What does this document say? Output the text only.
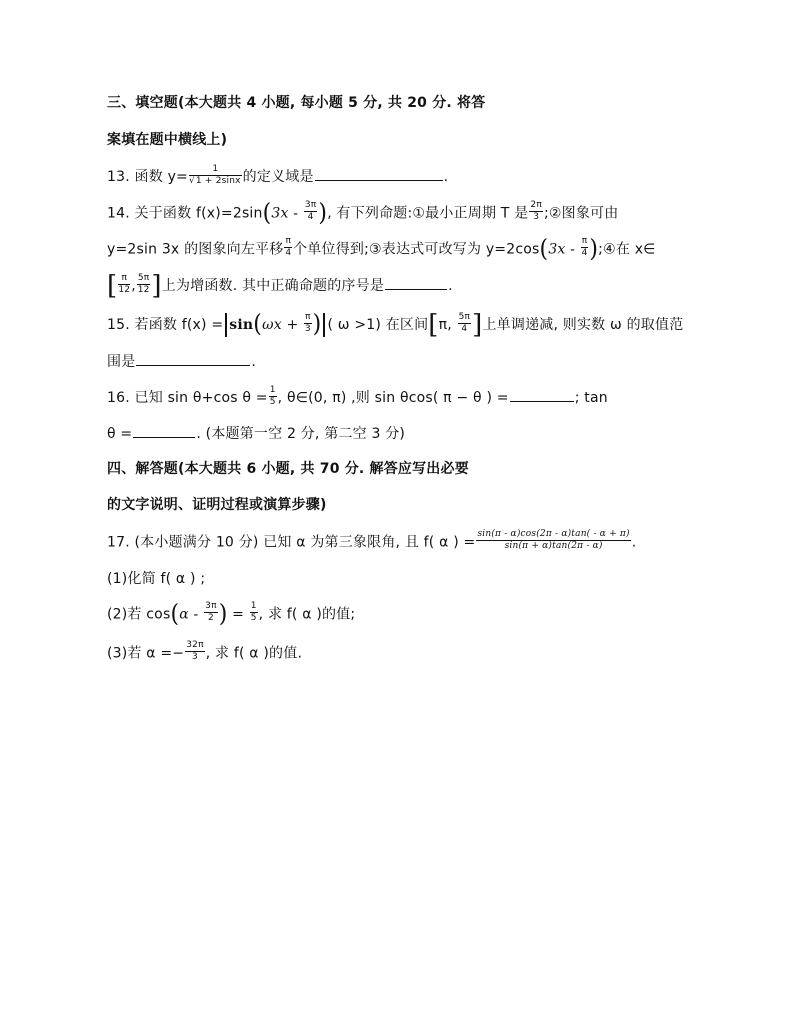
三、填空题(本大题共 4 小题, 每小题 5 分, 共 20 分. 将答
案填在题中横线上)
13. 函数 $y= \frac{1}{√1 + 2\sin x}$ 的定义域是	.
14. 关于函数 $f(x)=2\sin(3x - \frac{3\pi}{4}$ ), 有下列命题:①最小正周期 T 是 $\frac{2\pi}{3}$ ;②图象可由
y=2sin 3x 的图象向左平移 $\frac{\pi}{4}$ 个单位得到;③表达式可改写为 $y=2\cos(3x - \frac{\pi}{4}$ );④在 x∈
[ $\frac{\pi}{12}$ , $\frac{5\pi}{12}$ ]上为增函数. 其中正确命题的序号是	.
15. 若函数 $f(x) = \sin(\omega x + \frac{\pi}{3}$ ) ( ω >1) 在区间[π, $\frac{5\pi}{4}$ ]上单调递减, 则实数 ω 的取值范
围是	.
16. 已知 sin θ+cos $\theta = \frac{1}{5}$ , θ∈(0, π) ,则 sin θcos( π − θ ) =	; tan
θ =	. (本题第一空 2 分, 第二空 3 分)
四、解答题(本大题共 6 小题, 共 70 分. 解答应写出必要
的文字说明、证明过程或演算步骤)
17. (本小题满分 10 分) 已知 α 为第三象限角, 且 f( α ) = $\frac{\sin(\pi - \alpha)\cos(2\pi - \alpha)\tan( - \alpha + \pi)}{\sin(\pi + \alpha)\tan(2\pi - \alpha)}$ .
(1)化简 f( α ) ;
(2)若 $\cos(\alpha - \frac{3\pi}{2}$ ) = $\frac{1}{5}$ , 求 f( α )的值;
(3)若 $\alpha =- \frac{32\pi}{3}$ , 求 f( α )的值.
